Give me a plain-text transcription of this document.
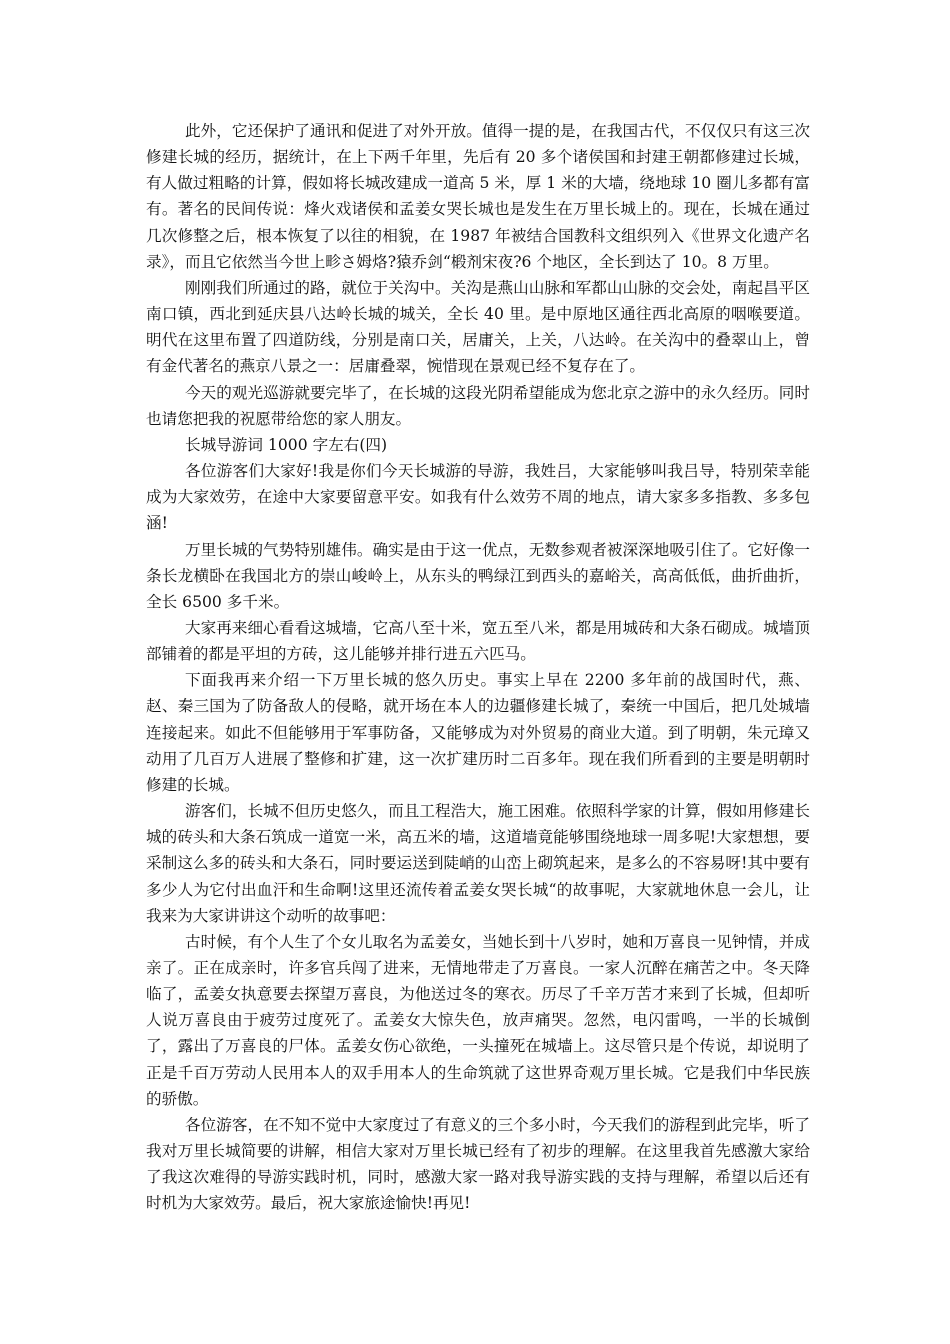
此外，它还保护了通讯和促进了对外开放。值得一提的是，在我国古代，不仅仅只有这三次修建长城的经历，据统计，在上下两千年里，先后有 20 多个诸侯国和封建王朝都修建过长城，有人做过粗略的计算，假如将长城改建成一道高 5 米，厚 1 米的大墙，绕地球 10 圈儿多都有富有。著名的民间传说：烽火戏诸侯和孟姜女哭长城也是发生在万里长城上的。现在，长城在通过几次修整之后，根本恢复了以往的相貌，在 1987 年被结合国教科文组织列入《世界文化遗产名录》，而且它依然当今世上畛さ姆烙?猿乔剑“椴剂宋夜?6 个地区，全长到达了 10。8 万里。

刚刚我们所通过的路，就位于关沟中。关沟是燕山山脉和军都山山脉的交会处，南起昌平区南口镇，西北到延庆县八达岭长城的城关，全长 40 里。是中原地区通往西北高原的咽喉要道。明代在这里布置了四道防线，分别是南口关，居庸关，上关，八达岭。在关沟中的叠翠山上，曾有金代著名的燕京八景之一：居庸叠翠，惋惜现在景观已经不复存在了。

今天的观光巡游就要完毕了，在长城的这段光阴希望能成为您北京之游中的永久经历。同时也请您把我的祝愿带给您的家人朋友。

长城导游词 1000 字左右(四)

各位游客们大家好!我是你们今天长城游的导游，我姓吕，大家能够叫我吕导，特别荣幸能成为大家效劳，在途中大家要留意平安。如我有什么效劳不周的地点，请大家多多指教、多多包涵!

万里长城的气势特别雄伟。确实是由于这一优点，无数参观者被深深地吸引住了。它好像一条长龙横卧在我国北方的崇山峻岭上，从东头的鸭绿江到西头的嘉峪关，高高低低，曲折曲折，全长 6500 多千米。

大家再来细心看看这城墙，它高八至十米，宽五至八米，都是用城砖和大条石砌成。城墙顶部铺着的都是平坦的方砖，这儿能够并排行进五六匹马。

下面我再来介绍一下万里长城的悠久历史。事实上早在 2200 多年前的战国时代，燕、赵、秦三国为了防备敌人的侵略，就开场在本人的边疆修建长城了，秦统一中国后，把几处城墙连接起来。如此不但能够用于军事防备，又能够成为对外贸易的商业大道。到了明朝，朱元璋又动用了几百万人进展了整修和扩建，这一次扩建历时二百多年。现在我们所看到的主要是明朝时修建的长城。

游客们，长城不但历史悠久，而且工程浩大，施工困难。依照科学家的计算，假如用修建长城的砖头和大条石筑成一道宽一米，高五米的墙，这道墙竟能够围绕地球一周多呢!大家想想，要采制这么多的砖头和大条石，同时要运送到陡峭的山峦上砌筑起来，是多么的不容易呀!其中要有多少人为它付出血汗和生命啊!这里还流传着孟姜女哭长城“的故事呢，大家就地休息一会儿，让我来为大家讲讲这个动听的故事吧：

古时候，有个人生了个女儿取名为孟姜女，当她长到十八岁时，她和万喜良一见钟情，并成亲了。正在成亲时，许多官兵闯了进来，无情地带走了万喜良。一家人沉醉在痛苦之中。冬天降临了，孟姜女执意要去探望万喜良，为他送过冬的寒衣。历尽了千辛万苦才来到了长城，但却听人说万喜良由于疲劳过度死了。孟姜女大惊失色，放声痛哭。忽然，电闪雷鸣，一半的长城倒了，露出了万喜良的尸体。孟姜女伤心欲绝，一头撞死在城墙上。这尽管只是个传说，却说明了正是千百万劳动人民用本人的双手用本人的生命筑就了这世界奇观万里长城。它是我们中华民族的骄傲。

各位游客，在不知不觉中大家度过了有意义的三个多小时，今天我们的游程到此完毕，听了我对万里长城简要的讲解，相信大家对万里长城已经有了初步的理解。在这里我首先感激大家给了我这次难得的导游实践时机，同时，感激大家一路对我导游实践的支持与理解，希望以后还有时机为大家效劳。最后，祝大家旅途愉快!再见!
